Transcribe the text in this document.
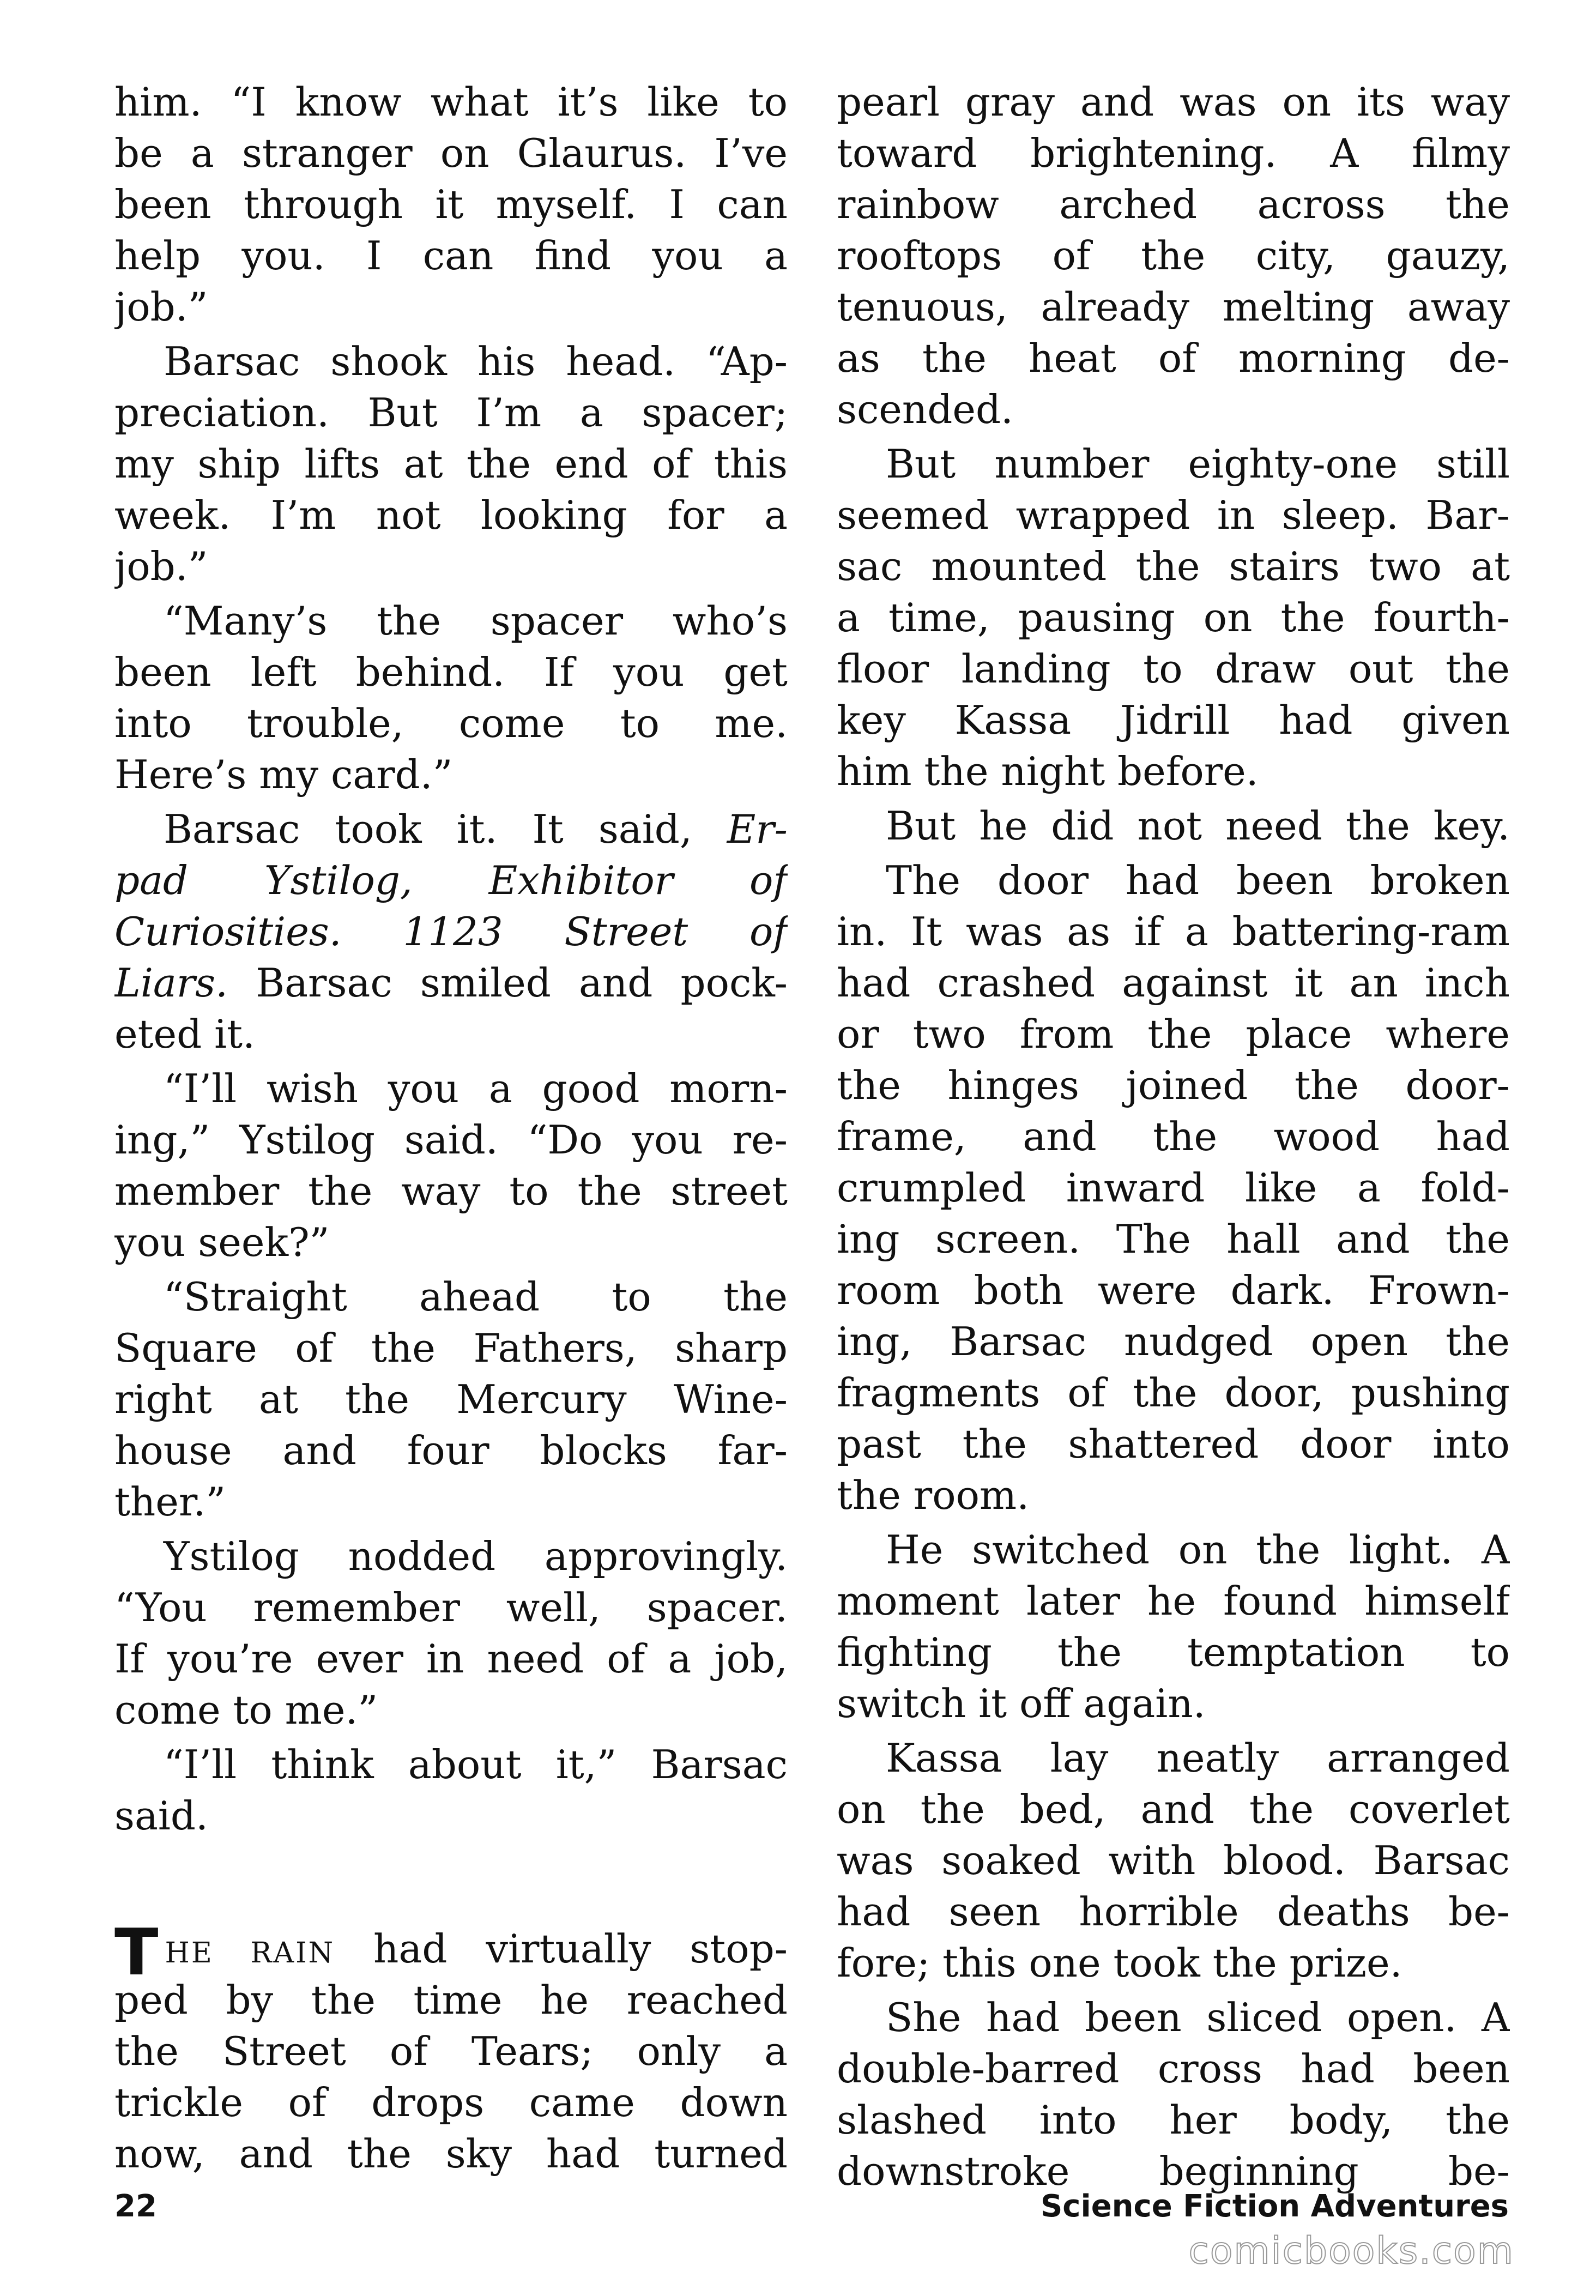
him. “I know what it’s like to
be a stranger on Glaurus. I’ve
been through it myself. I can
help you. I can find you a
job.”
Barsac shook his head. “Ap-
preciation. But I’m a spacer;
my ship lifts at the end of this
week. I’m not looking for a
job.”
“Many’s the spacer who’s
been left behind. If you get
into trouble, come to me.
Here’s my card.”
Barsac took it. It said, Er-
pad Ystilog, Exhibitor of
Curiosities. 1123 Street of
Liars. Barsac smiled and pock-
eted it.
“I’ll wish you a good morn-
ing,” Ystilog said. “Do you re-
member the way to the street
you seek?”
“Straight ahead to the
Square of the Fathers, sharp
right at the Mercury Wine-
house and four blocks far-
ther.”
Ystilog nodded approvingly.
“You remember well, spacer.
If you’re ever in need of a job,
come to me.”
“I’ll think about it,” Barsac
said.
THE RAIN had virtually stop-
ped by the time he reached
the Street of Tears; only a
trickle of drops came down
now, and the sky had turned
pearl gray and was on its way
toward brightening. A filmy
rainbow arched across the
rooftops of the city, gauzy,
tenuous, already melting away
as the heat of morning de-
scended.
But number eighty-one still
seemed wrapped in sleep. Bar-
sac mounted the stairs two at
a time, pausing on the fourth-
floor landing to draw out the
key Kassa Jidrill had given
him the night before.
But he did not need the key.
The door had been broken
in. It was as if a battering-ram
had crashed against it an inch
or two from the place where
the hinges joined the door-
frame, and the wood had
crumpled inward like a fold-
ing screen. The hall and the
room both were dark. Frown-
ing, Barsac nudged open the
fragments of the door, pushing
past the shattered door into
the room.
He switched on the light. A
moment later he found himself
fighting the temptation to
switch it off again.
Kassa lay neatly arranged
on the bed, and the coverlet
was soaked with blood. Barsac
had seen horrible deaths be-
fore; this one took the prize.
She had been sliced open. A
double-barred cross had been
slashed into her body, the
downstroke beginning be-
22	Science Fiction Adventures
comicbooks.com
